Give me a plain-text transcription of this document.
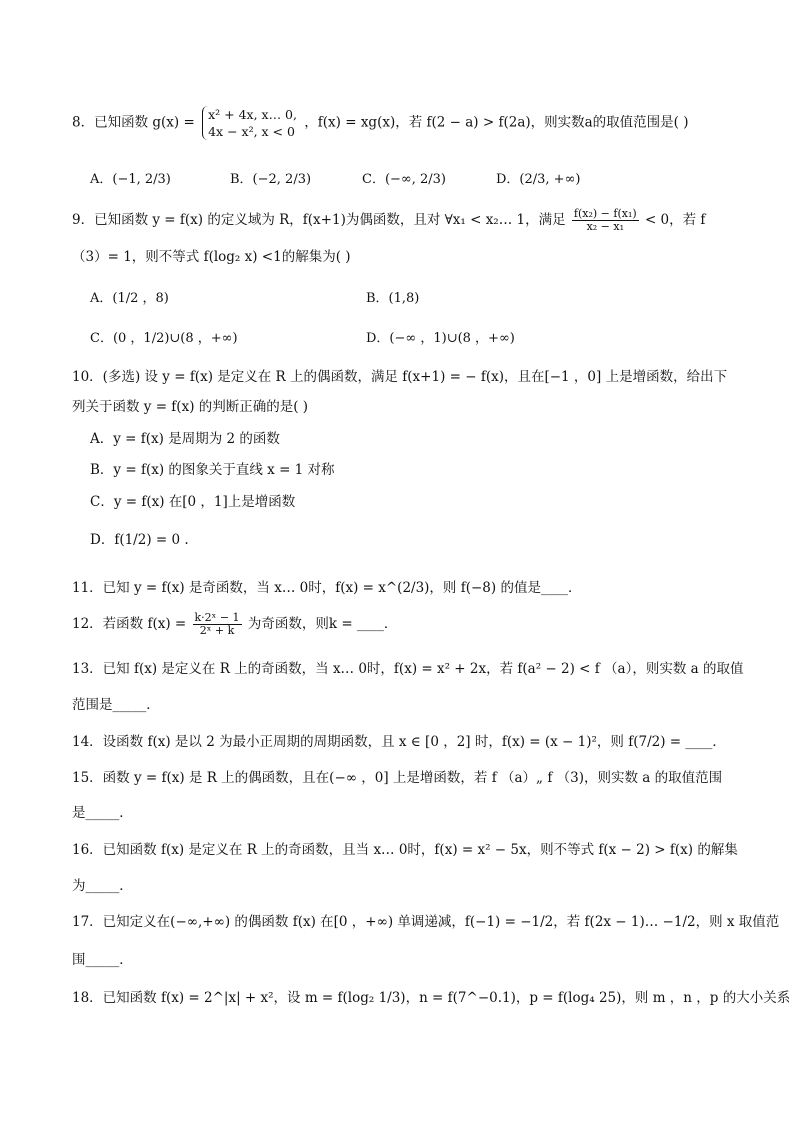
8．已知函数 g(x) = x² + 4x, x… 0,
4x − x², x < 0
，f(x) = xg(x)，若 f(2 − a) > f(2a)，则实数a的取值范围是( )
A．(−1, 2/3)	B．(−2, 2/3)	C．(−∞, 2/3)	D．(2/3, +∞)
9．已知函数 y = f(x) 的定义域为 R，f(x+1)为偶函数，且对 ∀x₁ < x₂… 1，满足 $\frac{\text{f(x₂) − f(x₁)}}{\text{x₂ − x₁}} < 0$，若 f
（3）= 1，则不等式 f(log₂ x) <1的解集为( )
A．(1/2 ，8)	B．(1,8)
C．(0 ，1/2)∪(8 ，+∞)	D．(−∞ ，1)∪(8 ，+∞)
10．(多选) 设 y = f(x) 是定义在 R 上的偶函数，满足 f(x+1) = − f(x)，且在[−1 ，0] 上是增函数，给出下
列关于函数 y = f(x) 的判断正确的是( )
A．y = f(x) 是周期为 2 的函数
B．y = f(x) 的图象关于直线 x = 1 对称
C．y = f(x) 在[0 ，1]上是增函数
D．f(1/2) = 0 .
11．已知 y = f(x) 是奇函数，当 x… 0时，f(x) = x^(2/3)，则 f(−8) 的值是____．
12．若函数 $f(x) = \frac{\text{k·2ˣ − 1}}{\text{2ˣ + k}}$ 为奇函数，则k = ____．
13．已知 f(x) 是定义在 R 上的奇函数，当 x… 0时，f(x) = x² + 2x，若 f(a² − 2) < f （a），则实数 a 的取值
范围是_____．
14．设函数 f(x) 是以 2 为最小正周期的周期函数，且 x ∈ [0 ，2] 时，f(x) = (x − 1)²，则 f(7/2) = ____．
15．函数 y = f(x) 是 R 上的偶函数，且在(−∞ ，0] 上是增函数，若 f （a）„ f （3)，则实数 a 的取值范围
是_____．
16．已知函数 f(x) 是定义在 R 上的奇函数，且当 x… 0时，f(x) = x² − 5x，则不等式 f(x − 2) > f(x) 的解集
为_____．
17．已知定义在(−∞,+∞) 的偶函数 f(x) 在[0 ，+∞) 单调递减，f(−1) = −1/2，若 f(2x − 1)… −1/2，则 x 取值范
围_____．
18．已知函数 f(x) = 2^|x| + x²，设 m = f(log₂ 1/3)，n = f(7^−0.1)，p = f(log₄ 25)，则 m ，n ，p 的大小关系
